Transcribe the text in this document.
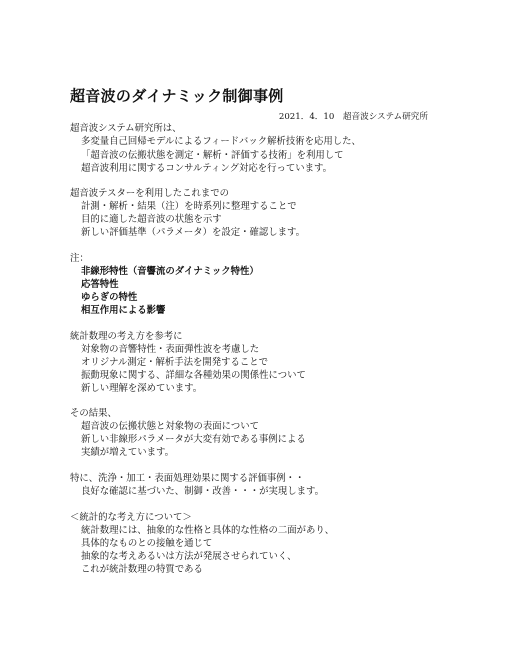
超音波のダイナミック制御事例
2021．4．10　超音波システム研究所
超音波システム研究所は、
多変量自己回帰モデルによるフィードバック解析技術を応用した、
「超音波の伝搬状態を測定・解析・評価する技術」を利用して
超音波利用に関するコンサルティング対応を行っています。
超音波テスターを利用したこれまでの
計測・解析・結果（注）を時系列に整理することで
目的に適した超音波の状態を示す
新しい評価基準（パラメータ）を設定・確認します。
注：
非線形特性（音響流のダイナミック特性）
応答特性
ゆらぎの特性
相互作用による影響
統計数理の考え方を参考に
対象物の音響特性・表面弾性波を考慮した
オリジナル測定・解析手法を開発することで
振動現象に関する、詳細な各種効果の関係性について
新しい理解を深めています。
その結果、
超音波の伝搬状態と対象物の表面について
新しい非線形パラメータが大変有効である事例による
実績が増えています。
特に、洗浄・加工・表面処理効果に関する評価事例・・
良好な確認に基づいた、制御・改善・・・が実現します。
＜統計的な考え方について＞
統計数理には、抽象的な性格と具体的な性格の二面があり、
具体的なものとの接触を通じて
抽象的な考えあるいは方法が発展させられていく、
これが統計数理の特質である
